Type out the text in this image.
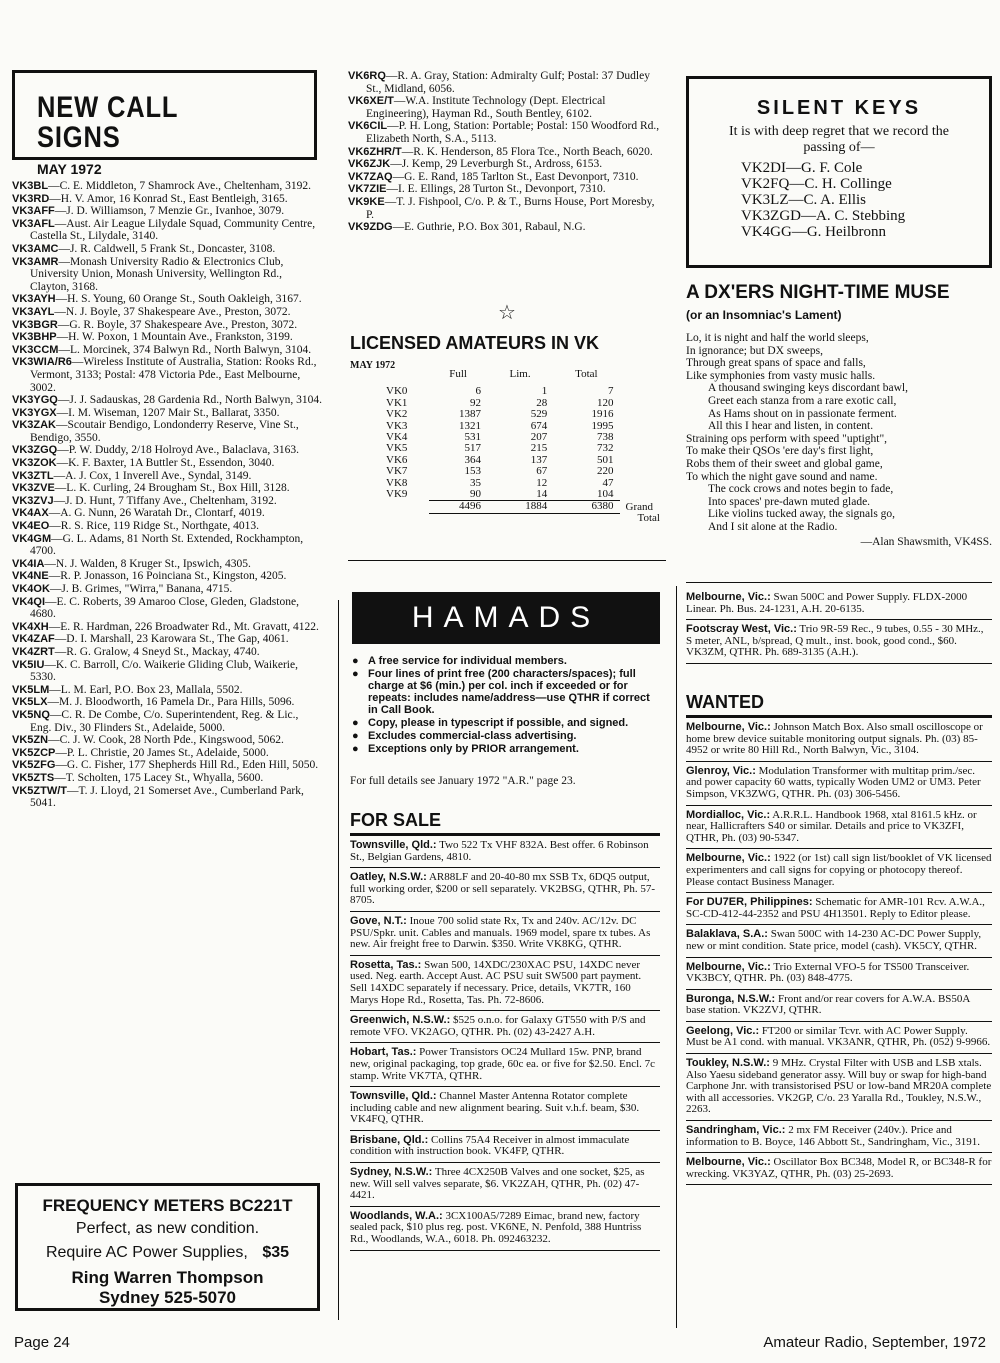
NEW CALL SIGNS
MAY 1972

VK3BL—C. E. Middleton, 7 Shamrock Ave., Cheltenham, 3192.

VK3RD—H. V. Amor, 16 Konrad St., East Bentleigh, 3165.

VK3AFF—J. D. Williamson, 7 Menzie Gr., Ivanhoe, 3079.

VK3AFL—Aust. Air League Lilydale Squad, Community Centre, Castella St., Lilydale, 3140.

VK3AMC—J. R. Caldwell, 5 Frank St., Doncaster, 3108.

VK3AMR—Monash University Radio & Electronics Club, University Union, Monash University, Wellington Rd., Clayton, 3168.

VK3AYH—H. S. Young, 60 Orange St., South Oakleigh, 3167.

VK3AYL—N. J. Boyle, 37 Shakespeare Ave., Preston, 3072.

VK3BGR—G. R. Boyle, 37 Shakespeare Ave., Preston, 3072.

VK3BHP—H. W. Poxon, 1 Mountain Ave., Frankston, 3199.

VK3CCM—L. Morcinek, 374 Balwyn Rd., North Balwyn, 3104.

VK3WIA/R6—Wireless Institute of Australia, Station: Rooks Rd., Vermont, 3133; Postal: 478 Victoria Pde., East Melbourne, 3002.

VK3YGQ—J. J. Sadauskas, 28 Gardenia Rd., North Balwyn, 3104.

VK3YGX—I. M. Wiseman, 1207 Mair St., Ballarat, 3350.

VK3ZAK—Scoutair Bendigo, Londonderry Reserve, Vine St., Bendigo, 3550.

VK3ZGQ—P. W. Duddy, 2/18 Holroyd Ave., Balaclava, 3163.

VK3ZOK—K. F. Baxter, 1A Buttler St., Essendon, 3040.

VK3ZTL—A. J. Cox, 1 Inverell Ave., Syndal, 3149.

VK3ZVE—L. K. Curling, 24 Brougham St., Box Hill, 3128.

VK3ZVJ—J. D. Hunt, 7 Tiffany Ave., Cheltenham, 3192.

VK4AX—A. G. Nunn, 26 Waratah Dr., Clontarf, 4019.

VK4EO—R. S. Rice, 119 Ridge St., Northgate, 4013.

VK4GM—G. L. Adams, 81 North St. Extended, Rockhampton, 4700.

VK4IA—N. J. Walden, 8 Kruger St., Ipswich, 4305.

VK4NE—R. P. Jonasson, 16 Poinciana St., Kingston, 4205.

VK4OK—J. B. Grimes, "Wirra," Banana, 4715.

VK4QI—E. C. Roberts, 39 Amaroo Close, Gleden, Gladstone, 4680.

VK4XH—E. R. Hardman, 226 Broadwater Rd., Mt. Gravatt, 4122.

VK4ZAF—D. I. Marshall, 23 Karowara St., The Gap, 4061.

VK4ZRT—R. G. Gralow, 4 Sneyd St., Mackay, 4740.

VK5IU—K. C. Barroll, C/o. Waikerie Gliding Club, Waikerie, 5330.

VK5LM—L. M. Earl, P.O. Box 23, Mallala, 5502.

VK5LX—M. J. Bloodworth, 16 Pamela Dr., Para Hills, 5096.

VK5NQ—C. R. De Combe, C/o. Superintendent, Reg. & Lic., Eng. Div., 30 Flinders St., Adelaide, 5000.

VK5ZN—C. J. W. Cook, 28 North Pde., Kingswood, 5062.

VK5ZCP—P. L. Christie, 20 James St., Adelaide, 5000.

VK5ZFG—G. C. Fisher, 177 Shepherds Hill Rd., Eden Hill, 5050.

VK5ZTS—T. Scholten, 175 Lacey St., Whyalla, 5600.

VK5ZTW/T—T. J. Lloyd, 21 Somerset Ave., Cumberland Park, 5041.

FREQUENCY METERS BC221T
Perfect, as new condition.
Require AC Power Supplies, $35
Ring Warren Thompson
Sydney 525-5070

VK6RQ—R. A. Gray, Station: Admiralty Gulf; Postal: 37 Dudley St., Midland, 6056.

VK6XE/T—W.A. Institute Technology (Dept. Electrical Engineering), Hayman Rd., South Bentley, 6102.

VK6CIL—P. H. Long, Station: Portable; Postal: 150 Woodford Rd., Elizabeth North, S.A., 5113.

VK6ZHR/T—R. K. Henderson, 85 Flora Tce., North Beach, 6020.

VK6ZJK—J. Kemp, 29 Leverburgh St., Ardross, 6153.

VK7ZAQ—G. E. Rand, 185 Tarlton St., East Devonport, 7310.

VK7ZIE—I. E. Ellings, 28 Turton St., Devonport, 7310.

VK9KE—T. J. Fishpool, C/o. P. & T., Burns House, Port Moresby, P.

VK9ZDG—E. Guthrie, P.O. Box 301, Rabaul, N.G.

☆
LICENSED AMATEURS IN VK
MAY 1972
	Full	Lim.	Total	

VK0	6	1	7	
VK1	92	28	120	
VK2	1387	529	1916	
VK3	1321	674	1995	
VK4	531	207	738	
VK5	517	215	732	
VK6	364	137	501	
VK7	153	67	220	
VK8	35	12	47	
VK9	90	14	104	

	4496	1884	6380	Grand
				Total
HAMADS
● A free service for individual members.
● Four lines of print free (200 characters/spaces); full charge at $6 (min.) per col. inch if exceeded or for repeats: includes name/address—use QTHR if correct in Call Book.
● Copy, please in typescript if possible, and signed.
● Excludes commercial-class advertising.
● Exceptions only by PRIOR arrangement.
For full details see January 1972 "A.R." page 23.
FOR SALE

Townsville, Qld.: Two 522 Tx VHF 832A. Best offer. 6 Robinson St., Belgian Gardens, 4810.

Oatley, N.S.W.: AR88LF and 20-40-80 mx SSB Tx, 6DQ5 output, full working order, $200 or sell separately. VK2BSG, QTHR, Ph. 57-8705.

Gove, N.T.: Inoue 700 solid state Rx, Tx and 240v. AC/12v. DC PSU/Spkr. unit. Cables and manuals. 1969 model, spare tx tubes. As new. Air freight free to Darwin. $350. Write VK8KG, QTHR.

Rosetta, Tas.: Swan 500, 14XDC/230XAC PSU, 14XDC never used. Neg. earth. Accept Aust. AC PSU suit SW500 part payment. Sell 14XDC separately if necessary. Price, details, VK7TR, 160 Marys Hope Rd., Rosetta, Tas. Ph. 72-8606.

Greenwich, N.S.W.: $525 o.n.o. for Galaxy GT550 with P/S and remote VFO. VK2AGO, QTHR. Ph. (02) 43-2427 A.H.

Hobart, Tas.: Power Transistors OC24 Mullard 15w. PNP, brand new, original packaging, top grade, 60c ea. or five for $2.50. Encl. 7c stamp. Write VK7TA, QTHR.

Townsville, Qld.: Channel Master Antenna Rotator complete including cable and new alignment bearing. Suit v.h.f. beam, $30. VK4FQ, QTHR.

Brisbane, Qld.: Collins 75A4 Receiver in almost immaculate condition with instruction book. VK4FP, QTHR.

Sydney, N.S.W.: Three 4CX250B Valves and one socket, $25, as new. Will sell valves separate, $6. VK2ZAH, QTHR, Ph. (02) 47-4421.

Woodlands, W.A.: 3CX100A5/7289 Eimac, brand new, factory sealed pack, $10 plus reg. post. VK6NE, N. Penfold, 388 Huntriss Rd., Woodlands, W.A., 6018. Ph. 092463232.

SILENT KEYS
It is with deep regret that we record the passing of—
VK2DI—G. F. Cole
VK2FQ—C. H. Collinge
VK3LZ—C. A. Ellis
VK3ZGD—A. C. Stebbing
VK4GG—G. Heilbronn
A DX'ERS NIGHT-TIME MUSE
(or an Insomniac's Lament)

Lo, it is night and half the world sleeps,

In ignorance; but DX sweeps,

Through great spans of space and falls,

Like symphonies from vasty music halls.

A thousand swinging keys discordant bawl,

Greet each stanza from a rare exotic call,

As Hams shout on in passionate ferment.

All this I hear and listen, in content.

Straining ops perform with speed "uptight",

To make their QSOs 'ere day's first light,

Robs them of their sweet and global game,

To which the night gave sound and name.

The cock crows and notes begin to fade,

Into spaces' pre-dawn muted glade.

Like violins tucked away, the signals go,

And I sit alone at the Radio.

—Alan Shawsmith, VK4SS.

Melbourne, Vic.: Swan 500C and Power Supply. FLDX-2000 Linear. Ph. Bus. 24-1231, A.H. 20-6135.

Footscray West, Vic.: Trio 9R-59 Rec., 9 tubes, 0.55 - 30 MHz., S meter, ANL, b/spread, Q mult., inst. book, good cond., $60. VK3ZM, QTHR. Ph. 689-3135 (A.H.).

WANTED

Melbourne, Vic.: Johnson Match Box. Also small oscilloscope or home brew device suitable monitoring output signals. Ph. (03) 85-4952 or write 80 Hill Rd., North Balwyn, Vic., 3104.

Glenroy, Vic.: Modulation Transformer with multitap prim./sec. and power capacity 60 watts, typically Woden UM2 or UM3. Peter Simpson, VK3ZWG, QTHR. Ph. (03) 306-5456.

Mordialloc, Vic.: A.R.R.L. Handbook 1968, xtal 8161.5 kHz. or near, Hallicrafters S40 or similar. Details and price to VK3ZFI, QTHR, Ph. (03) 90-5347.

Melbourne, Vic.: 1922 (or 1st) call sign list/booklet of VK licensed experimenters and call signs for copying or photocopy thereof. Please contact Business Manager.

For DU7ER, Philippines: Schematic for AMR-101 Rcv. A.W.A., SC-CD-412-44-2352 and PSU 4H13501. Reply to Editor please.

Balaklava, S.A.: Swan 500C with 14-230 AC-DC Power Supply, new or mint condition. State price, model (cash). VK5CY, QTHR.

Melbourne, Vic.: Trio External VFO-5 for TS500 Transceiver. VK3BCY, QTHR. Ph. (03) 848-4775.

Buronga, N.S.W.: Front and/or rear covers for A.W.A. BS50A base station. VK2ZVJ, QTHR.

Geelong, Vic.: FT200 or similar Tcvr. with AC Power Supply. Must be A1 cond. with manual. VK3ANR, QTHR, Ph. (052) 9-9966.

Toukley, N.S.W.: 9 MHz. Crystal Filter with USB and LSB xtals. Also Yaesu sideband generator assy. Will buy or swap for high-band Carphone Jnr. with transistorised PSU or low-band MR20A complete with all accessories. VK2GP, C/o. 23 Yaralla Rd., Toukley, N.S.W., 2263.

Sandringham, Vic.: 2 mx FM Receiver (240v.). Price and information to B. Boyce, 146 Abbott St., Sandringham, Vic., 3191.

Melbourne, Vic.: Oscillator Box BC348, Model R, or BC348-R for wrecking. VK3YAZ, QTHR, Ph. (03) 25-2693.

Page 24	Amateur Radio, September, 1972
